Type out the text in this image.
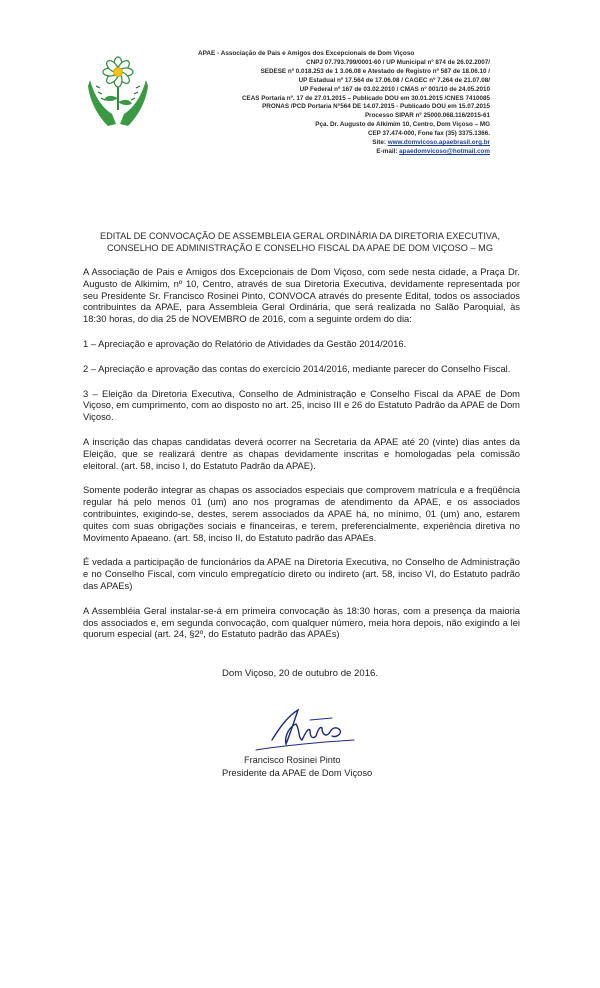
APAE - Associação de Pais e Amigos dos Excepcionais de Dom Viçoso
CNPJ 07.793.799/0001-60 / UP Municipal nº 874 de 26.02.2007/
SEDESE nº 0.018.253 de 1 3.06.08 e Atestado de Registro nº 587 de 18.06.10 /
UP Estadual nº 17.564 de 17.06.08 / CAGEC nº 7.264 de 21.07.08/
UP Federal nº 167 de 03.02.2010 / CMAS nº 001/10 de 24.05.2010
CEAS Portaria nº. 17 de 27.01.2015 – Publicado DOU em 30.01.2015 /CNES 7410085
PRONAS /PCD Portaria N°564 DE 14.07.2015 - Publicado DOU em 15.07.2015
Processo SIPAR nº 25000.068.116/2015-61
Pça. Dr. Augusto de Alkimim 10, Centro, Dom Viçoso – MG
CEP 37.474-000, Fone fax (35) 3375.1366.
Site: www.domvicoso.apaebrasil.org.br
E-mail: apaedomvicoso@hotmail.com
EDITAL DE CONVOCAÇÃO DE ASSEMBLEIA GERAL ORDINÁRIA DA DIRETORIA EXECUTIVA,
CONSELHO DE ADMINISTRAÇÃO E CONSELHO FISCAL DA APAE DE DOM VIÇOSO – MG

A Associação de Pais e Amigos dos Excepcionais de Dom Viçoso, com sede nesta cidade, a Praça Dr. Augusto de Alkimim, nº 10, Centro, através de sua Diretoria Executiva, devidamente representada por seu Presidente Sr. Francisco Rosinei Pinto, CONVOCA através do presente Edital, todos os associados contribuintes da APAE, para Assembleia Geral Ordinária, que será realizada no Salão Paroquial, às 18:30 horas, do dia 25 de NOVEMBRO de 2016, com a seguinte ordem do dia:

1 – Apreciação e aprovação do Relatório de Atividades da Gestão 2014/2016.

2 – Apreciação e aprovação das contas do exercício 2014/2016, mediante parecer do Conselho Fiscal.

3 – Eleição da Diretoria Executiva, Conselho de Administração e Conselho Fiscal da APAE de Dom Viçoso, em cumprimento, com ao disposto no art. 25, inciso III e 26 do Estatuto Padrão da APAE de Dom Viçoso.

A inscrição das chapas candidatas deverá ocorrer na Secretaria da APAE até 20 (vinte) dias antes da Eleição, que se realizará dentre as chapas devidamente inscritas e homologadas pela comissão eleitoral. (art. 58, inciso I, do Estatuto Padrão da APAE).

Somente poderão integrar as chapas os associados especiais que comprovem matrícula e a freqüência regular há pelo menos 01 (um) ano nos programas de atendimento da APAE, e os associados contribuintes, exigindo-se, destes, serem associados da APAE há, no mínimo, 01 (um) ano, estarem quites com suas obrigações sociais e financeiras, e terem, preferencialmente, experiência diretiva no Movimento Apaeano. (art. 58, inciso II, do Estatuto padrão das APAEs.

É vedada a participação de funcionários da APAE na Diretoria Executiva, no Conselho de Administração e no Conselho Fiscal, com vinculo empregatício direto ou indireto (art. 58, inciso VI, do Estatuto padrão das APAEs)

A Assembléia Geral instalar-se-á em primeira convocação às 18:30 horas, com a presença da maioria dos associados e, em segunda convocação, com qualquer número, meia hora depois, não exigindo a lei quorum especial (art. 24, §2º, do Estatuto padrão das APAEs)

Dom Viçoso, 20 de outubro de 2016.
Francisco Rosinei Pinto
Presidente da APAE de Dom Viçoso
